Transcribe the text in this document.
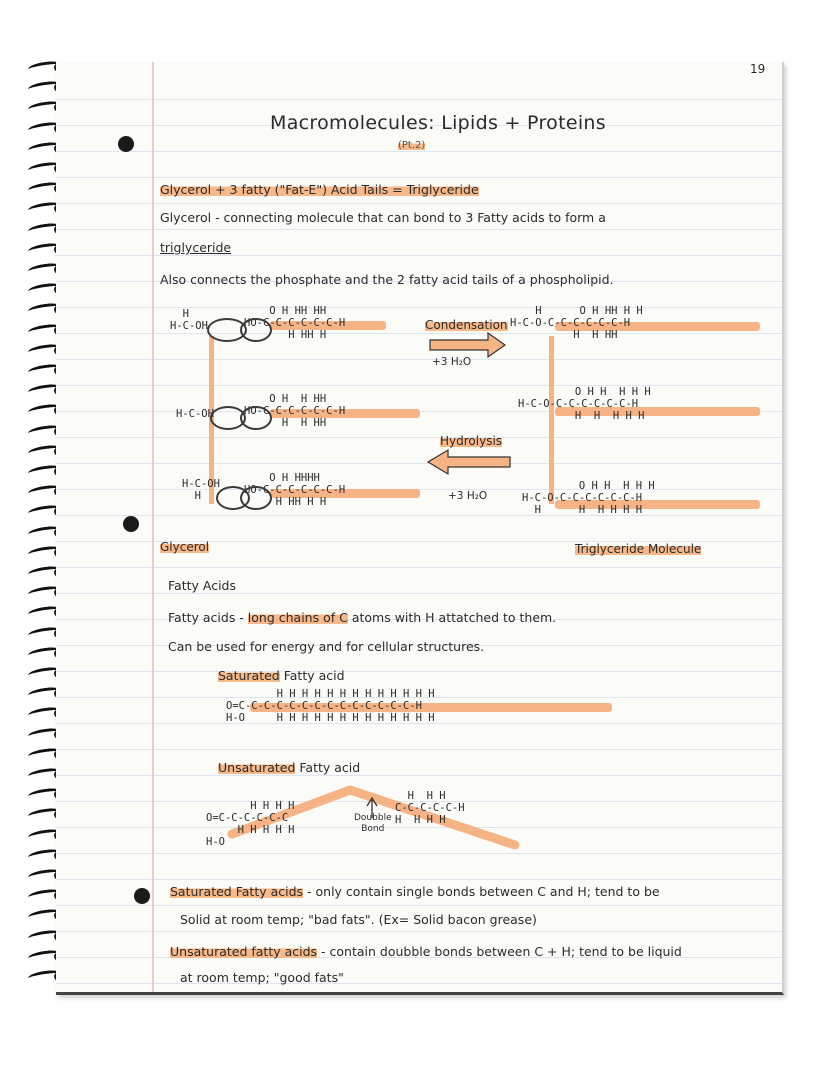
19
Macromolecules: Lipids + Proteins
(Pt.2)
Glycerol + 3 fatty ("Fat-E") Acid Tails = Triglyceride
Glycerol - connecting molecule that can bond to 3 Fatty acids to form a
triglyceride
Also connects the phosphate and the 2 fatty acid tails of a phospholipid.
H
H-C-OH
O H HH HH
HO-C-C-C-C-C-C-H
H HH H
H-C-OH
O H  H HH
HO-C-C-C-C-C-C-H
H  H HH
H-C-OH
H
O H HHHH
HO-C-C-C-C-C-C-H
H HH H H
Glycerol
Condensation
+3 H₂O
Hydrolysis
+3 H₂O
H      O H HH H H
H-C-O-C-C-C-C-C-C-H
H  H HH
O H H  H H H
H-C-O-C-C-C-C-C-C-H
H  H  H H H
O H H  H H H
H-C-O-C-C-C-C-C-C-H
H      H  H H H H
Triglyceride Molecule
Fatty Acids
Fatty acids - long chains of C atoms with H attatched to them.
Can be used for energy and for cellular structures.
Saturated Fatty acid
H H H H H H H H H H H H H
O=C-C-C-C-C-C-C-C-C-C-C-C-C-C-H
H-O     H H H H H H H H H H H H H
Unsaturated Fatty acid
H H H H
O=C-C-C-C-C-C
H H H H H
H-O
H  H H
C-C-C-C-C-H
H  H H H
Doubble
Bond
Saturated Fatty acids - only contain single bonds between C and H; tend to be
Solid at room temp; "bad fats". (Ex= Solid bacon grease)
Unsaturated fatty acids - contain doubble bonds between C + H; tend to be liquid
at room temp; "good fats"
